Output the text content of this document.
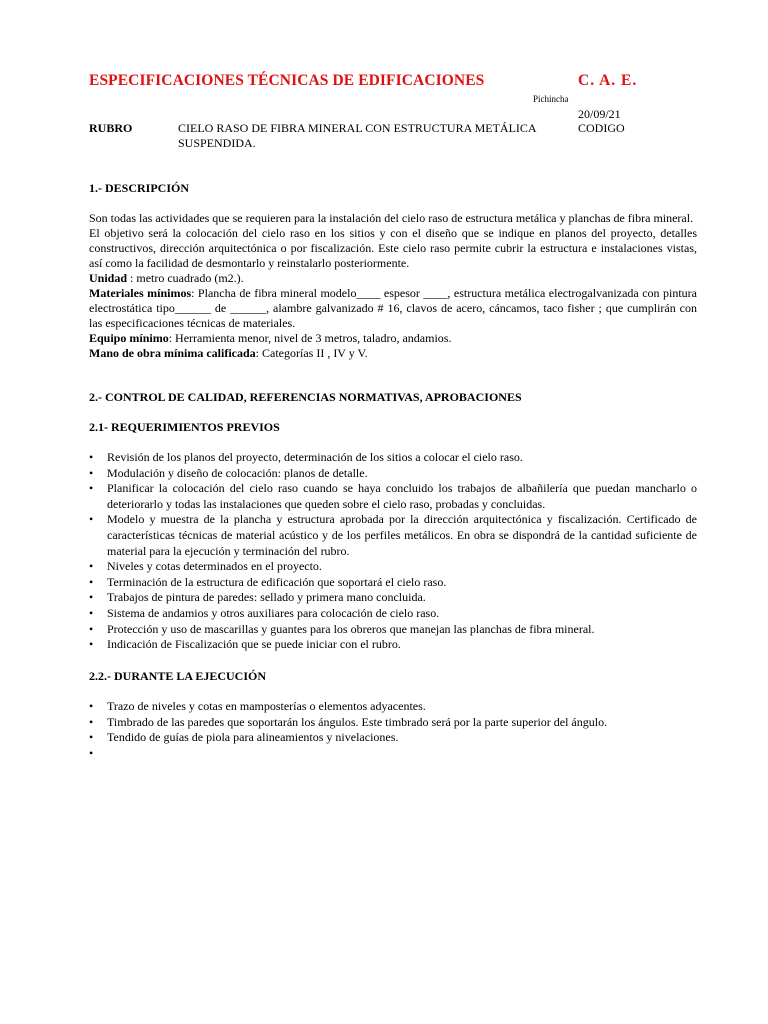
ESPECIFICACIONES TÉCNICAS DE EDIFICACIONES	C. A. E.
Pichincha
20/09/21
RUBRO	CIELO RASO DE FIBRA MINERAL CON ESTRUCTURA METÁLICA SUSPENDIDA.
CODIGO
1.- DESCRIPCIÓN

Son todas las actividades que se requieren para la instalación del cielo raso de estructura metálica y planchas de fibra mineral.

El objetivo será la colocación del cielo raso en los sitios y con el diseño que se indique en planos del proyecto, detalles constructivos, dirección arquitectónica o por fiscalización. Este cielo raso permite cubrir la estructura e instalaciones vistas, así como la facilidad de desmontarlo y reinstalarlo posteriormente.

Unidad : metro cuadrado (m2.).

Materiales mínimos: Plancha de fibra mineral modelo____ espesor ____, estructura metálica electrogalvanizada con pintura electrostática tipo______ de ______, alambre galvanizado # 16, clavos de acero, cáncamos, taco fisher ; que cumplirán con las especificaciones técnicas de materiales.

Equipo mínimo: Herramienta menor, nivel de 3 metros, taladro, andamios.

Mano de obra mínima calificada: Categorías II , IV y V.

2.- CONTROL DE CALIDAD, REFERENCIAS NORMATIVAS, APROBACIONES
2.1- REQUERIMIENTOS PREVIOS
• Revisión de los planos del proyecto, determinación de los sitios a colocar el cielo raso.
• Modulación y diseño de colocación: planos de detalle.
• Planificar la colocación del cielo raso cuando se haya concluido los trabajos de albañilería que puedan mancharlo o deteriorarlo y todas las instalaciones que queden sobre el cielo raso, probadas y concluidas.
• Modelo y muestra de la plancha y estructura aprobada por la dirección arquitectónica y fiscalización. Certificado de características técnicas de material acústico y de los perfiles metálicos. En obra se dispondrá de la cantidad suficiente de material para la ejecución y terminación del rubro.
• Niveles y cotas determinados en el proyecto.
• Terminación de la estructura de edificación que soportará el cielo raso.
• Trabajos de pintura de paredes: sellado y primera mano concluida.
• Sistema de andamios y otros auxiliares para colocación de cielo raso.
• Protección y uso de mascarillas y guantes para los obreros que manejan las planchas de fibra mineral.
• Indicación de Fiscalización que se puede iniciar con el rubro.
2.2.- DURANTE LA EJECUCIÓN
• Trazo de niveles y cotas en mamposterías o elementos adyacentes.
• Timbrado de las paredes que soportarán los ángulos. Este timbrado será por la parte superior del ángulo.
• Tendido de guías de piola para alineamientos y nivelaciones.
•
